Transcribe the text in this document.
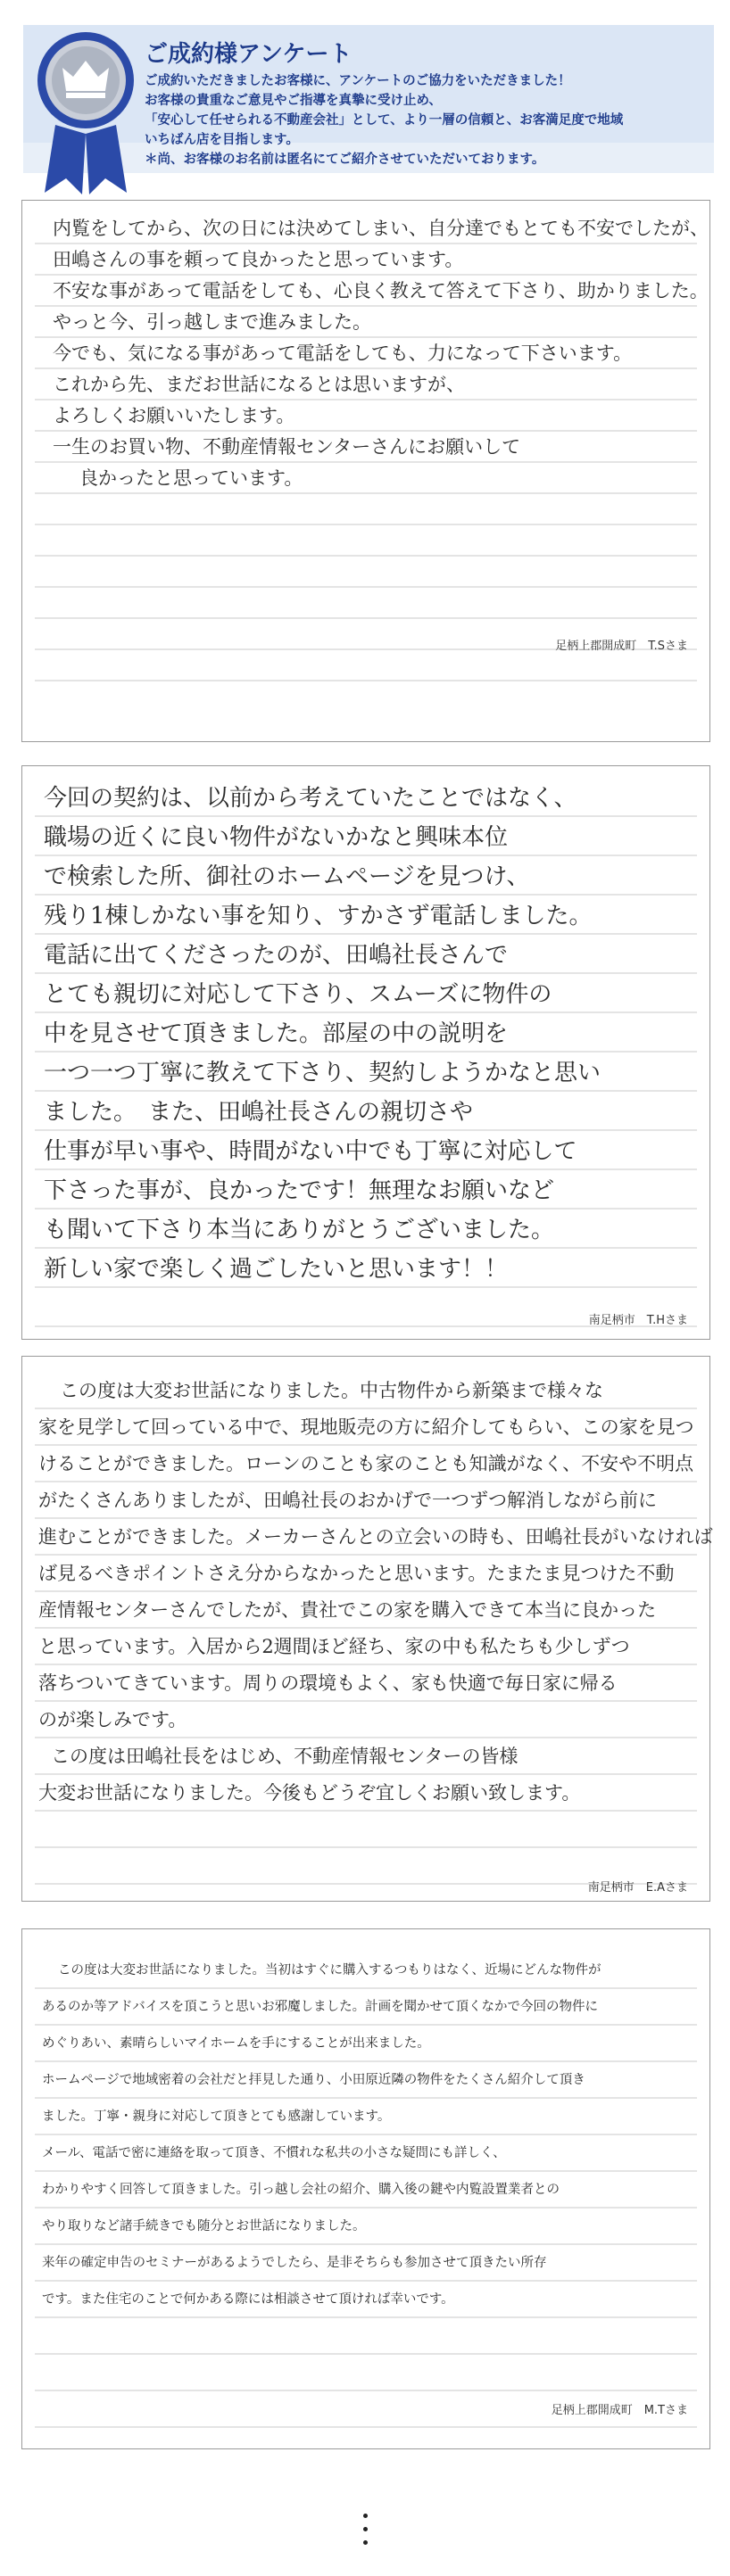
ご成約様アンケート
ご成約いただきましたお客様に、アンケートのご協力をいただきました！
お客様の貴重なご意見やご指導を真摯に受け止め、
「安心して任せられる不動産会社」として、より一層の信頼と、お客満足度で地域
いちばん店を目指します。
＊尚、お客様のお名前は匿名にてご紹介させていただいております。
内覧をしてから、次の日には決めてしまい、自分達でもとても不安でしたが、
田嶋さんの事を頼って良かったと思っています。
不安な事があって電話をしても、心良く教えて答えて下さり、助かりました。
やっと今、引っ越しまで進みました。
今でも、気になる事があって電話をしても、力になって下さいます。
これから先、まだお世話になるとは思いますが、
よろしくお願いいたします。
一生のお買い物、不動産情報センターさんにお願いして
良かったと思っています。
足柄上郡開成町　T.Sさま
今回の契約は、以前から考えていたことではなく、
職場の近くに良い物件がないかなと興味本位
で検索した所、御社のホームページを見つけ、
残り1棟しかない事を知り、すかさず電話しました。
電話に出てくださったのが、田嶋社長さんで
とても親切に対応して下さり、スムーズに物件の
中を見させて頂きました。部屋の中の説明を
一つ一つ丁寧に教えて下さり、契約しようかなと思い
ました。　また、田嶋社長さんの親切さや
仕事が早い事や、時間がない中でも丁寧に対応して
下さった事が、良かったです！無理なお願いなど
も聞いて下さり本当にありがとうございました。
新しい家で楽しく過ごしたいと思います！！
南足柄市　T.Hさま
この度は大変お世話になりました。中古物件から新築まで様々な
家を見学して回っている中で、現地販売の方に紹介してもらい、この家を見つ
けることができました。ローンのことも家のことも知識がなく、不安や不明点
がたくさんありましたが、田嶋社長のおかげで一つずつ解消しながら前に
進むことができました。メーカーさんとの立会いの時も、田嶋社長がいなければ
ば見るべきポイントさえ分からなかったと思います。たまたま見つけた不動
産情報センターさんでしたが、貴社でこの家を購入できて本当に良かった
と思っています。入居から2週間ほど経ち、家の中も私たちも少しずつ
落ちついてきています。周りの環境もよく、家も快適で毎日家に帰る
のが楽しみです。
この度は田嶋社長をはじめ、不動産情報センターの皆様
大変お世話になりました。今後もどうぞ宜しくお願い致します。
南足柄市　E.Aさま
この度は大変お世話になりました。当初はすぐに購入するつもりはなく、近場にどんな物件が
あるのか等アドバイスを頂こうと思いお邪魔しました。計画を聞かせて頂くなかで今回の物件に
めぐりあい、素晴らしいマイホームを手にすることが出来ました。
ホームページで地域密着の会社だと拝見した通り、小田原近隣の物件をたくさん紹介して頂き
ました。丁寧・親身に対応して頂きとても感謝しています。
メール、電話で密に連絡を取って頂き、不慣れな私共の小さな疑問にも詳しく、
わかりやすく回答して頂きました。引っ越し会社の紹介、購入後の鍵や内覧設置業者との
やり取りなど諸手続きでも随分とお世話になりました。
来年の確定申告のセミナーがあるようでしたら、是非そちらも参加させて頂きたい所存
です。また住宅のことで何かある際には相談させて頂ければ幸いです。
足柄上郡開成町　M.Tさま
